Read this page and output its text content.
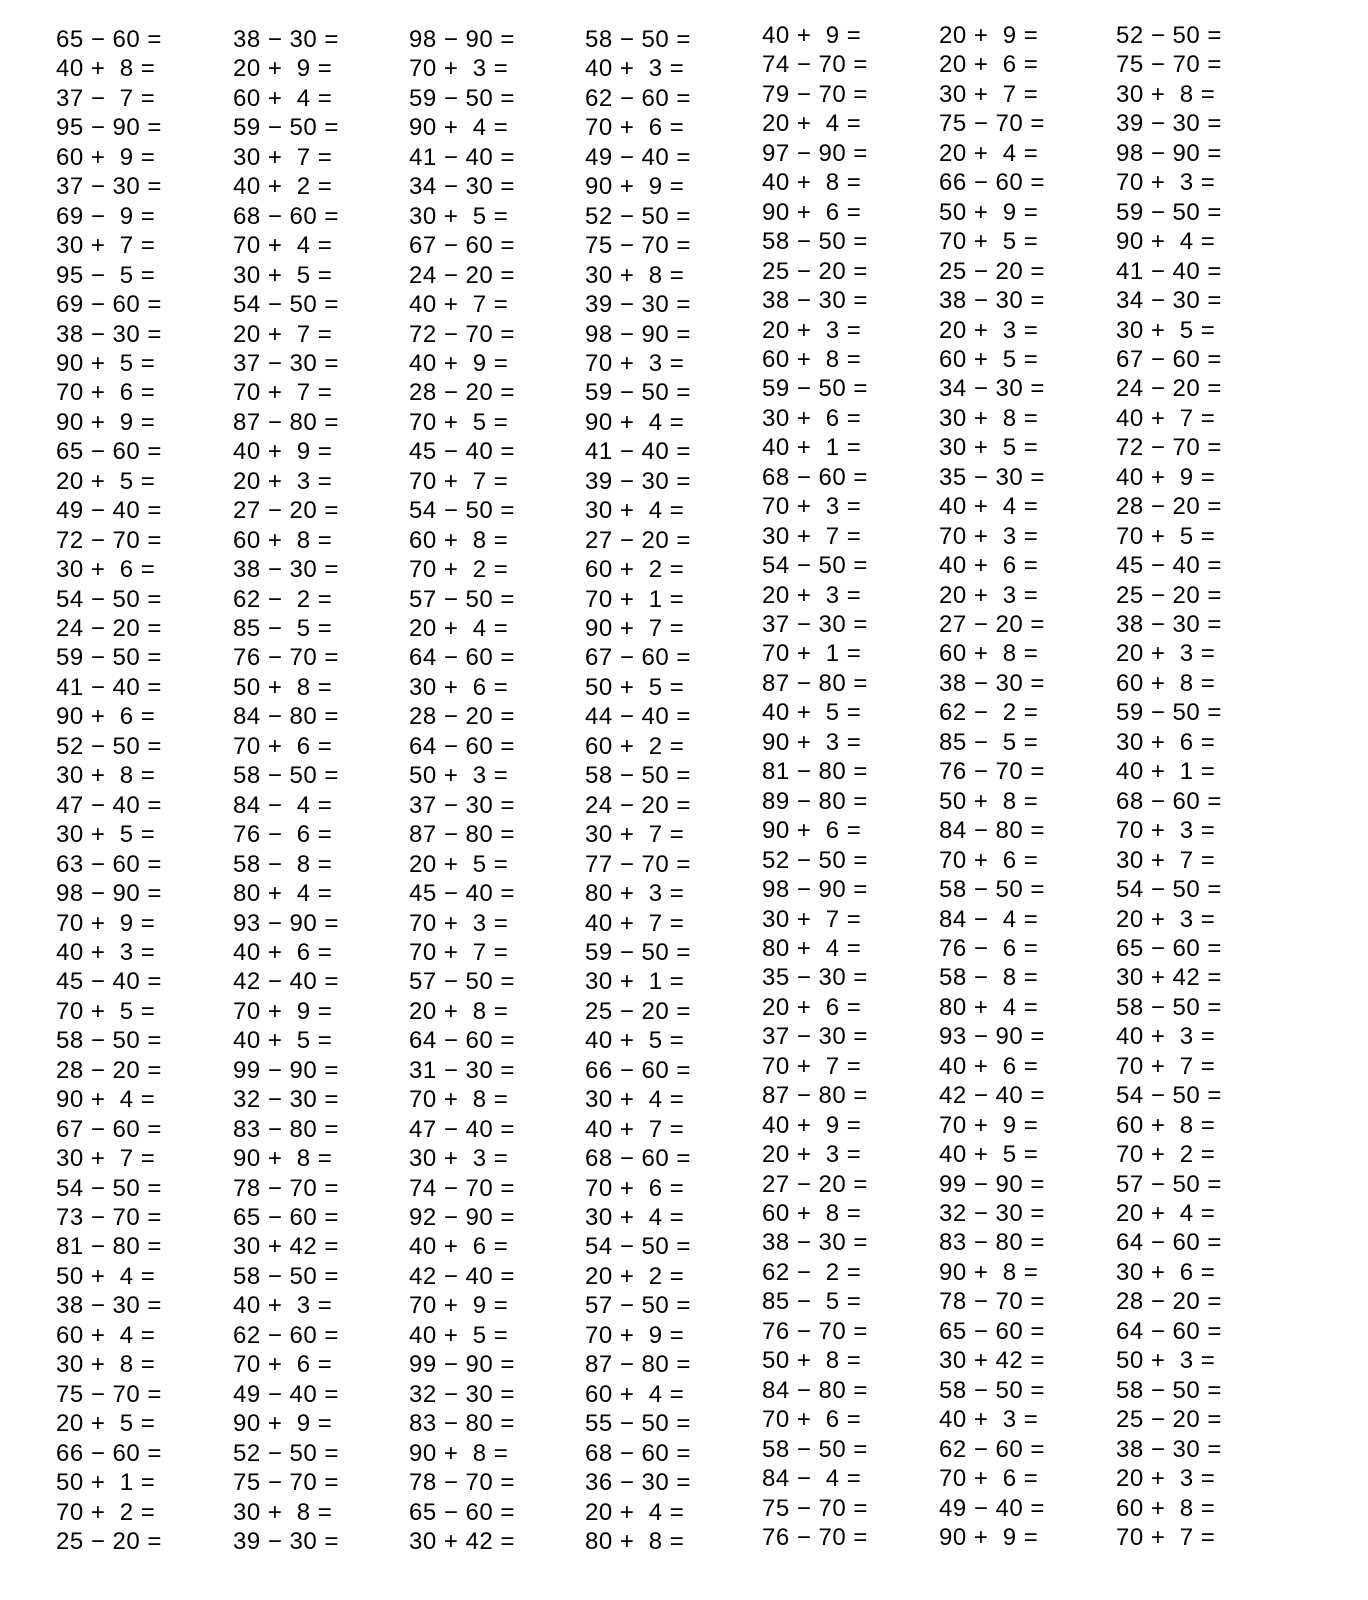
65 − 60 =
40 +  8 =
37 −  7 =
95 − 90 =
60 +  9 =
37 − 30 =
69 −  9 =
30 +  7 =
95 −  5 =
69 − 60 =
38 − 30 =
90 +  5 =
70 +  6 =
90 +  9 =
65 − 60 =
20 +  5 =
49 − 40 =
72 − 70 =
30 +  6 =
54 − 50 =
24 − 20 =
59 − 50 =
41 − 40 =
90 +  6 =
52 − 50 =
30 +  8 =
47 − 40 =
30 +  5 =
63 − 60 =
98 − 90 =
70 +  9 =
40 +  3 =
45 − 40 =
70 +  5 =
58 − 50 =
28 − 20 =
90 +  4 =
67 − 60 =
30 +  7 =
54 − 50 =
73 − 70 =
81 − 80 =
50 +  4 =
38 − 30 =
60 +  4 =
30 +  8 =
75 − 70 =
20 +  5 =
66 − 60 =
50 +  1 =
70 +  2 =
25 − 20 =
38 − 30 =
20 +  9 =
60 +  4 =
59 − 50 =
30 +  7 =
40 +  2 =
68 − 60 =
70 +  4 =
30 +  5 =
54 − 50 =
20 +  7 =
37 − 30 =
70 +  7 =
87 − 80 =
40 +  9 =
20 +  3 =
27 − 20 =
60 +  8 =
38 − 30 =
62 −  2 =
85 −  5 =
76 − 70 =
50 +  8 =
84 − 80 =
70 +  6 =
58 − 50 =
84 −  4 =
76 −  6 =
58 −  8 =
80 +  4 =
93 − 90 =
40 +  6 =
42 − 40 =
70 +  9 =
40 +  5 =
99 − 90 =
32 − 30 =
83 − 80 =
90 +  8 =
78 − 70 =
65 − 60 =
30 + 42 =
58 − 50 =
40 +  3 =
62 − 60 =
70 +  6 =
49 − 40 =
90 +  9 =
52 − 50 =
75 − 70 =
30 +  8 =
39 − 30 =
98 − 90 =
70 +  3 =
59 − 50 =
90 +  4 =
41 − 40 =
34 − 30 =
30 +  5 =
67 − 60 =
24 − 20 =
40 +  7 =
72 − 70 =
40 +  9 =
28 − 20 =
70 +  5 =
45 − 40 =
70 +  7 =
54 − 50 =
60 +  8 =
70 +  2 =
57 − 50 =
20 +  4 =
64 − 60 =
30 +  6 =
28 − 20 =
64 − 60 =
50 +  3 =
37 − 30 =
87 − 80 =
20 +  5 =
45 − 40 =
70 +  3 =
70 +  7 =
57 − 50 =
20 +  8 =
64 − 60 =
31 − 30 =
70 +  8 =
47 − 40 =
30 +  3 =
74 − 70 =
92 − 90 =
40 +  6 =
42 − 40 =
70 +  9 =
40 +  5 =
99 − 90 =
32 − 30 =
83 − 80 =
90 +  8 =
78 − 70 =
65 − 60 =
30 + 42 =
58 − 50 =
40 +  3 =
62 − 60 =
70 +  6 =
49 − 40 =
90 +  9 =
52 − 50 =
75 − 70 =
30 +  8 =
39 − 30 =
98 − 90 =
70 +  3 =
59 − 50 =
90 +  4 =
41 − 40 =
39 − 30 =
30 +  4 =
27 − 20 =
60 +  2 =
70 +  1 =
90 +  7 =
67 − 60 =
50 +  5 =
44 − 40 =
60 +  2 =
58 − 50 =
24 − 20 =
30 +  7 =
77 − 70 =
80 +  3 =
40 +  7 =
59 − 50 =
30 +  1 =
25 − 20 =
40 +  5 =
66 − 60 =
30 +  4 =
40 +  7 =
68 − 60 =
70 +  6 =
30 +  4 =
54 − 50 =
20 +  2 =
57 − 50 =
70 +  9 =
87 − 80 =
60 +  4 =
55 − 50 =
68 − 60 =
36 − 30 =
20 +  4 =
80 +  8 =
40 +  9 =
74 − 70 =
79 − 70 =
20 +  4 =
97 − 90 =
40 +  8 =
90 +  6 =
58 − 50 =
25 − 20 =
38 − 30 =
20 +  3 =
60 +  8 =
59 − 50 =
30 +  6 =
40 +  1 =
68 − 60 =
70 +  3 =
30 +  7 =
54 − 50 =
20 +  3 =
37 − 30 =
70 +  1 =
87 − 80 =
40 +  5 =
90 +  3 =
81 − 80 =
89 − 80 =
90 +  6 =
52 − 50 =
98 − 90 =
30 +  7 =
80 +  4 =
35 − 30 =
20 +  6 =
37 − 30 =
70 +  7 =
87 − 80 =
40 +  9 =
20 +  3 =
27 − 20 =
60 +  8 =
38 − 30 =
62 −  2 =
85 −  5 =
76 − 70 =
50 +  8 =
84 − 80 =
70 +  6 =
58 − 50 =
84 −  4 =
75 − 70 =
76 − 70 =
20 +  9 =
20 +  6 =
30 +  7 =
75 − 70 =
20 +  4 =
66 − 60 =
50 +  9 =
70 +  5 =
25 − 20 =
38 − 30 =
20 +  3 =
60 +  5 =
34 − 30 =
30 +  8 =
30 +  5 =
35 − 30 =
40 +  4 =
70 +  3 =
40 +  6 =
20 +  3 =
27 − 20 =
60 +  8 =
38 − 30 =
62 −  2 =
85 −  5 =
76 − 70 =
50 +  8 =
84 − 80 =
70 +  6 =
58 − 50 =
84 −  4 =
76 −  6 =
58 −  8 =
80 +  4 =
93 − 90 =
40 +  6 =
42 − 40 =
70 +  9 =
40 +  5 =
99 − 90 =
32 − 30 =
83 − 80 =
90 +  8 =
78 − 70 =
65 − 60 =
30 + 42 =
58 − 50 =
40 +  3 =
62 − 60 =
70 +  6 =
49 − 40 =
90 +  9 =
52 − 50 =
75 − 70 =
30 +  8 =
39 − 30 =
98 − 90 =
70 +  3 =
59 − 50 =
90 +  4 =
41 − 40 =
34 − 30 =
30 +  5 =
67 − 60 =
24 − 20 =
40 +  7 =
72 − 70 =
40 +  9 =
28 − 20 =
70 +  5 =
45 − 40 =
25 − 20 =
38 − 30 =
20 +  3 =
60 +  8 =
59 − 50 =
30 +  6 =
40 +  1 =
68 − 60 =
70 +  3 =
30 +  7 =
54 − 50 =
20 +  3 =
65 − 60 =
30 + 42 =
58 − 50 =
40 +  3 =
70 +  7 =
54 − 50 =
60 +  8 =
70 +  2 =
57 − 50 =
20 +  4 =
64 − 60 =
30 +  6 =
28 − 20 =
64 − 60 =
50 +  3 =
58 − 50 =
25 − 20 =
38 − 30 =
20 +  3 =
60 +  8 =
70 +  7 =
